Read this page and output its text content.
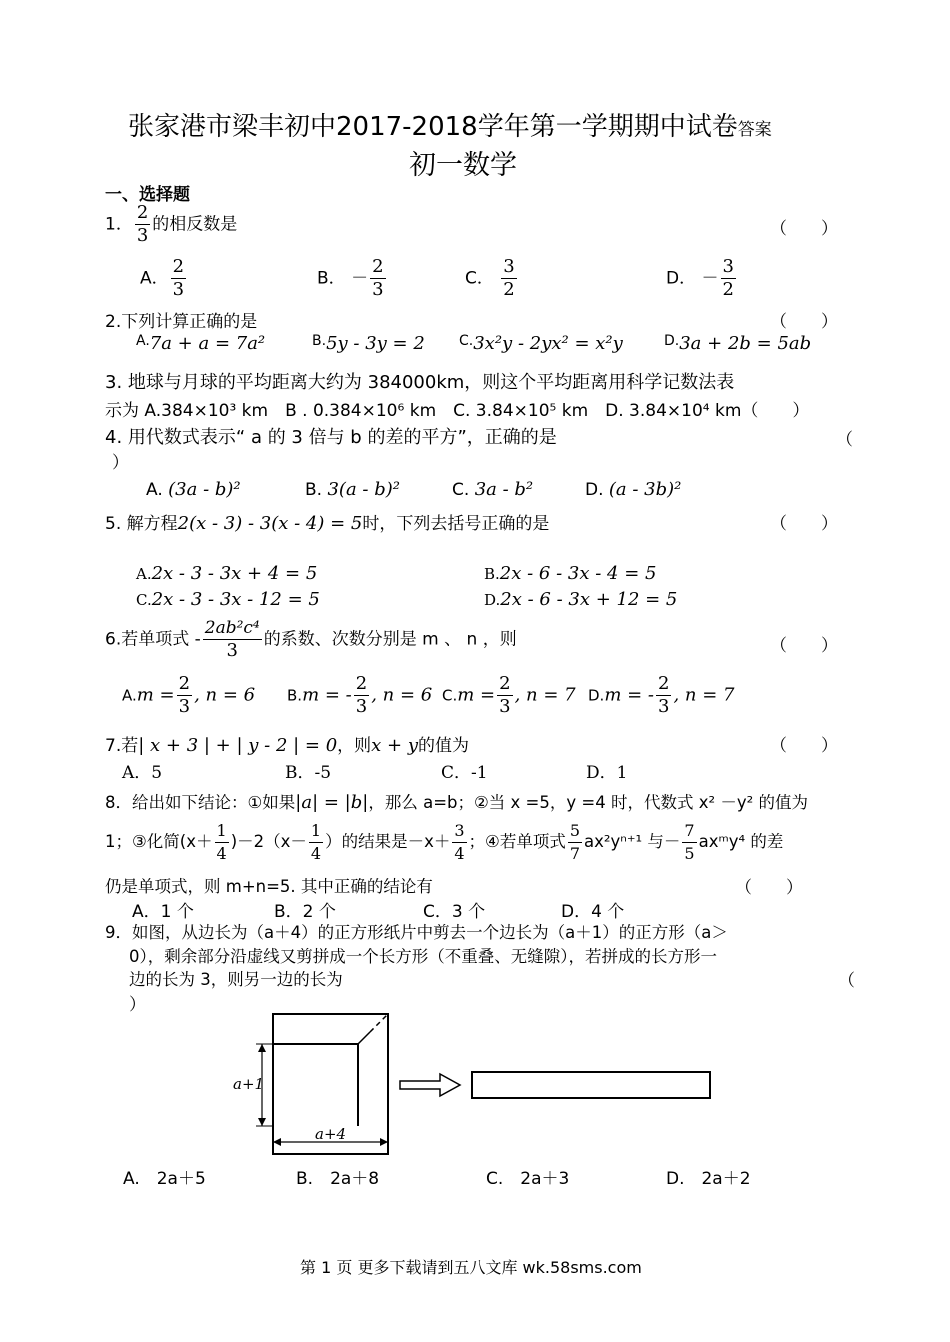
张家港市梁丰初中2017-2018学年第一学期期中试卷答案
初一数学
一、选择题
1． $\frac{2}{3}$ 的相反数是	（　　）
A． $\frac{2}{3}$	B． － $\frac{2}{3}$	C． $\frac{3}{2}$	D． － $\frac{3}{2}$
2.下列计算正确的是	（　　）
$^{A.}$7a + a = 7a²	$^{B.}$5y - 3y = 2 $^{C.}$3x²y - 2yx² = x²y	$^{D.}$3a + 2b = 5ab
3. 地球与月球的平均距离大约为 384000km，则这个平均距离用科学记数法表
示为 A.384×10³ km　B . 0.384×10⁶ km　C. 3.84×10⁵ km　D. 3.84×10⁴ km（　　）
4. 用代数式表示“ a 的 3 倍与 b 的差的平方”，正确的是	（
）
A. (3a - b)²	B. 3(a - b)²	C. 3a - b²	D. (a - 3b)²
5. 解方程2(x - 3) - 3(x - 4) = 5时，下列去括号正确的是	（　　）
A.2x - 3 - 3x + 4 = 5	B.2x - 6 - 3x - 4 = 5
C.2x - 3 - 3x - 12 = 5	D.2x - 6 - 3x + 12 = 5
6.若单项式 - $\frac{\text{2ab²c⁴}}{3}$ 的系数、次数分别是 m 、 n ，则	（　　）
$A.m = \frac{2}{3}$ , n = 6 B.m = - $\frac{2}{3}$ , n = 6 $C.m = \frac{2}{3}$ , n = 7 D.m = - $\frac{2}{3}$ , n = 7
7.若| x + 3 | + | y - 2 | = 0，则x + y的值为	（　　）
A．5	B．-5	C．-1	D．1
8．给出如下结论：①如果|a| = |b|，那么 a=b；②当 x =5，y =4 时，代数式 x² －y² 的值为
1；③化简$(x+ \frac{1}{4} )-2(x- \frac{1}{4}$ ）的结果是$-x+ \frac{3}{4}$ ；④若单项式 $\frac{5}{7} ax^2y^{n+1}$ 与－ $\frac{7}{5}$ axᵐy⁴ 的差
仍是单项式，则 m+n=5. 其中正确的结论有	（　　）
A．1 个	B．2 个	C．3 个	D．4 个
9．如图，从边长为（a＋4）的正方形纸片中剪去一个边长为（a＋1）的正方形（a＞
0），剩余部分沿虚线又剪拼成一个长方形（不重叠、无缝隙），若拼成的长方形一
边的长为 3，则另一边的长为	（
）
a+1
a+4
A.　2a＋5	B.　2a＋8	C.　2a＋3	D.　2a＋2
第 1 页 更多下载请到五八文库 wk.58sms.com
